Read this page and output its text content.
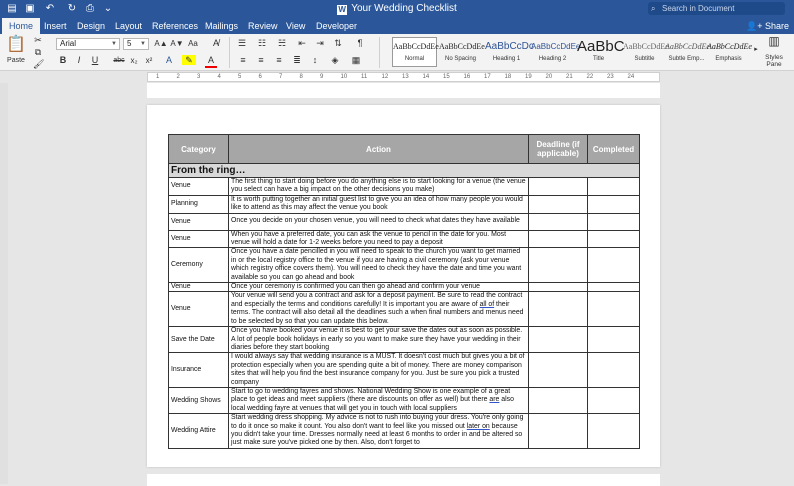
▤ ▣ ↶ ↻ ⎙ ⌄	W Your Wedding Checklist	⌕ Search in Document
Home	Insert Design Layout References Mailings Review View Developer	👤+ Share
📋
Paste
✂
⧉
🖌
Arial	▼	5 ▼ A▲ A▼ Aa	A̸
B	I	U abc x₂	x²	A	✎	A
☰ ☷ ☵ ⇤ ⇥ ⇅	¶
≡	≡	≡	≣	↕	◈ ▦
AaBbCcDdEe
Normal
AaBbCcDdEe
No Spacing
AaBbCcDc
Heading 1
AaBbCcDdEe
Heading 2
AaBbC
Title
AaBbCcDdEe
Subtitle
AaBbCcDdEe
Subtle Emp...
AaBbCcDdEe
Emphasis
▸
▥
Styles
Pane
1	2	3	4	5	6	7	8	9	10 11 12 13 14 15 16 17 18 19 20 21 22 23 24
Category	Action	Deadline (if applicable)	Completed
From the ring…			
Venue	The first thing to start doing before you do anything else is to start looking for a venue (the venue you select can have a big impact on the other decisions you make)		
Planning	It is worth putting together an initial guest list to give you an idea of how many people you would like to attend as this may affect the venue you book		
Venue	Once you decide on your chosen venue, you will need to check what dates they have available		
Venue	When you have a preferred date, you can ask the venue to pencil in the date for you. Most venue will hold a date for 1-2 weeks before you need to pay a deposit		
Ceremony	Once you have a date pencilled in you will need to speak to the church you want to get married in or the local registry office to the venue if you are having a civil ceremony (ask your venue which registry office covers them). You will need to check they have the date and time you want available so you can go ahead and book		
Venue	Once your ceremony is confirmed you can then go ahead and confirm your venue		
Venue	Your venue will send you a contract and ask for a deposit payment. Be sure to read the contract and especially the terms and conditions carefully! It is important you are aware of all of their terms. The contract will also detail all the deadlines such a when final numbers and menus need to be selected by so that you can update this below.		
Save the Date	Once you have booked your venue it is best to get your save the dates out as soon as possible. A lot of people book holidays in early so you want to make sure they have your wedding in their diaries before they start booking		
Insurance	I would always say that wedding insurance is a MUST. It doesn't cost much but gives you a bit of protection especially when you are spending quite a bit of money. There are money comparison sites that will help you find the best insurance company for you. Just be sure you pick a trusted company		
Wedding Shows	Start to go to wedding fayres and shows. National Wedding Show is one example of a great place to get ideas and meet suppliers (there are discounts on offer as well) but there are also local wedding fayre at venues that will get you in touch with local suppliers		
Wedding Attire	Start wedding dress shopping. My advice is not to rush into buying your dress. You're only going to do it once so make it count. You also don't want to feel like you missed out later on because you didn't take your time. Dresses normally need at least 6 months to order in and be altered so just make sure you've picked one by then. Also, don't forget to		
